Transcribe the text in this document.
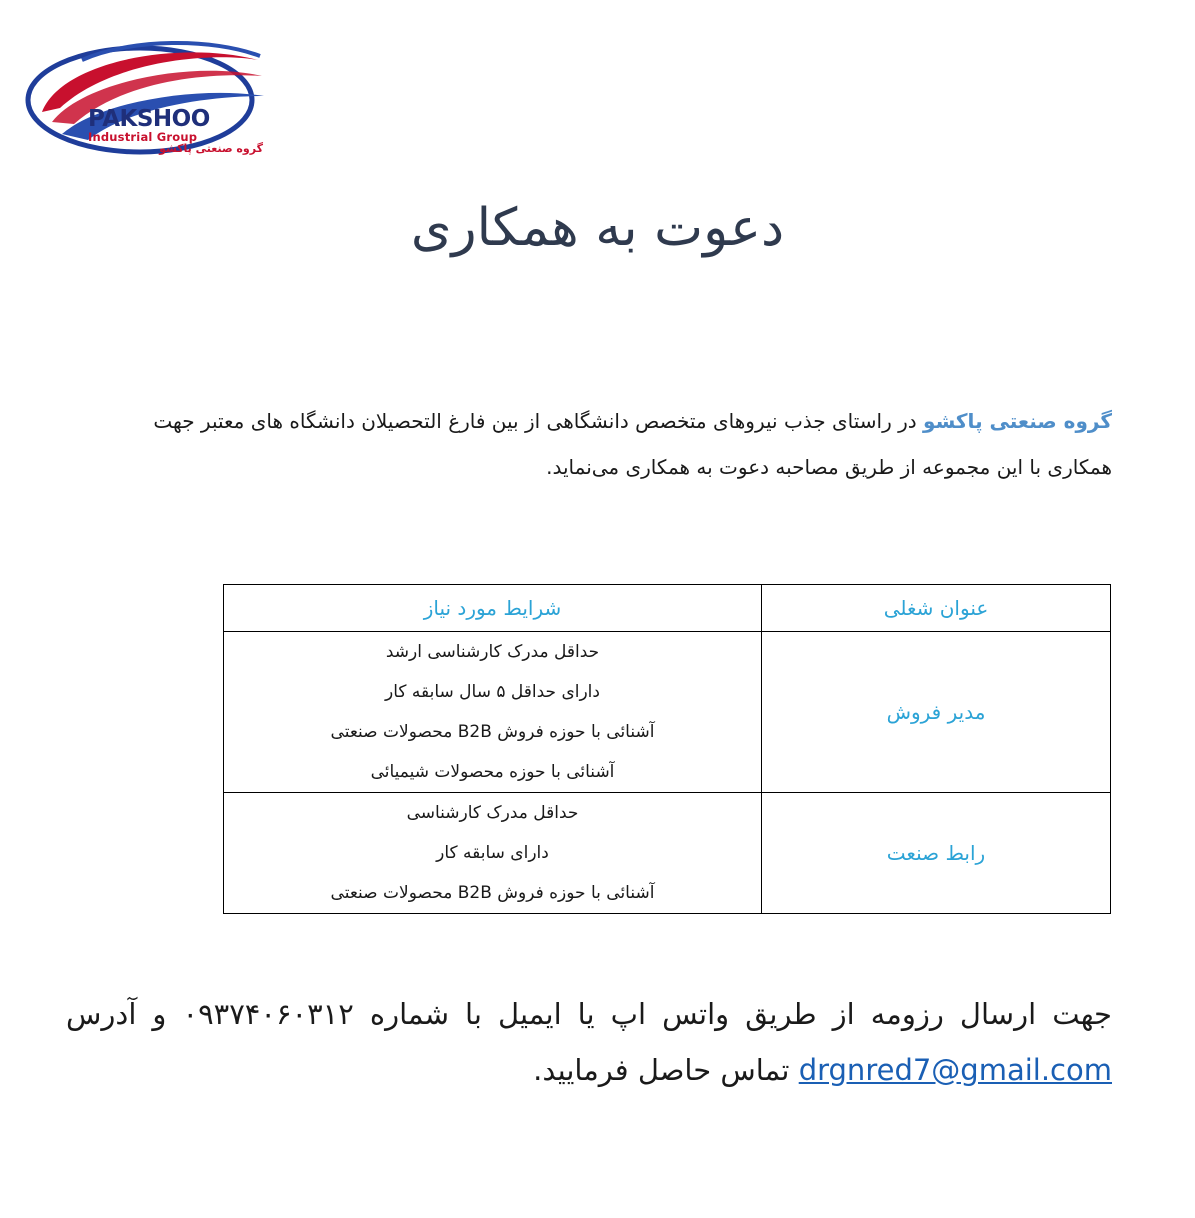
PAKSHOO
Industrial Group
گروه صنعتی پاکشو
دعوت به همکاری
گروه صنعتی پاکشو در راستای جذب نیروهای متخصص دانشگاهی از بین فارغ التحصیلان دانشگاه های معتبر جهت همکاری با این مجموعه از طریق مصاحبه دعوت به همکاری می‌نماید.
عنوان شغلی	شرایط مورد نیاز
مدیر فروش	حداقل مدرک کارشناسی ارشد
دارای حداقل ۵ سال سابقه کار
آشنائی با حوزه فروش B2B محصولات صنعتی
آشنائی با حوزه محصولات شیمیائی

رابط صنعت	حداقل مدرک کارشناسی
دارای سابقه کار
آشنائی با حوزه فروش B2B محصولات صنعتی
جهت ارسال رزومه از طریق واتس اپ یا ایمیل با شماره ۰۹۳۷۴۰۶۰۳۱۲ و آدرس drgnred7@gmail.com تماس حاصل فرمایید.
